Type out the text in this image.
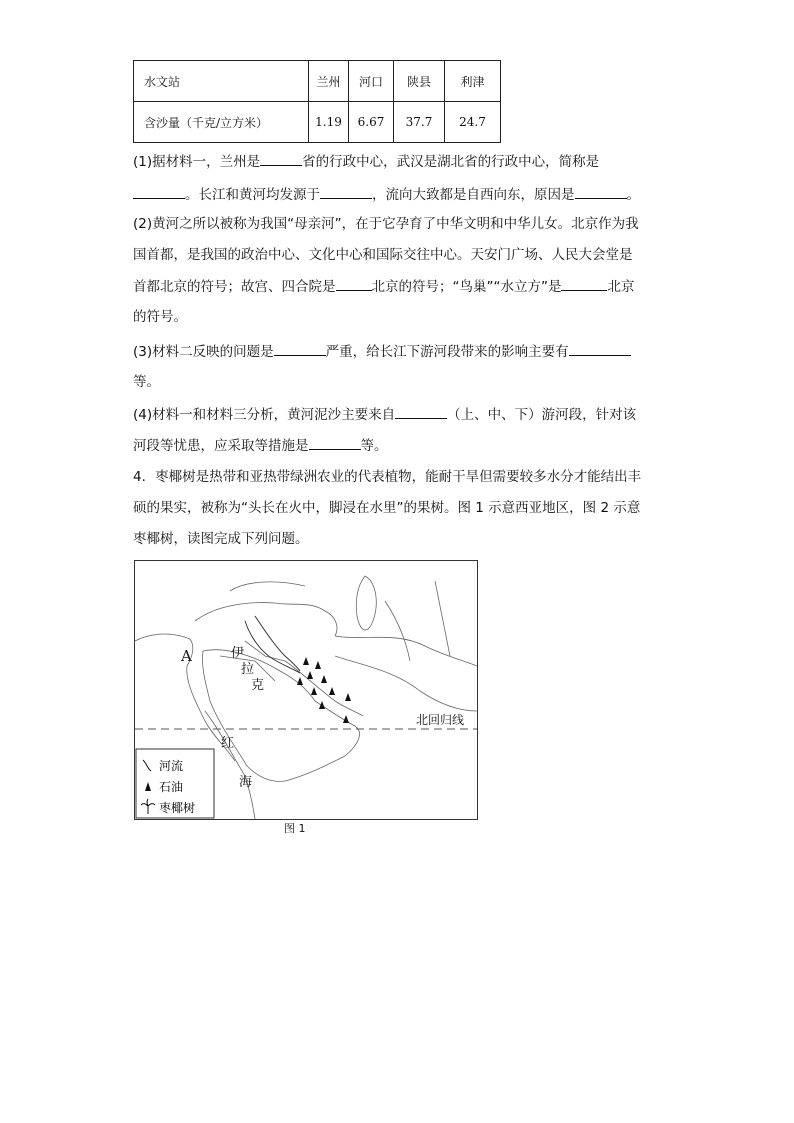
水文站	兰州	河口	陕县	利津
含沙量（千克/立方米）	1.19	6.67	37.7	24.7
(1)据材料一，兰州是	省的行政中心，武汉是湖北省的行政中心，简称是
。长江和黄河均发源于	，流向大致都是自西向东，原因是	。
(2)黄河之所以被称为我国“母亲河”，在于它孕育了中华文明和中华儿女。北京作为我
国首都，是我国的政治中心、文化中心和国际交往中心。天安门广场、人民大会堂是
首都北京的符号；故宫、四合院是	北京的符号；“鸟巢”“水立方”是	北京
的符号。
(3)材料二反映的问题是	严重，给长江下游河段带来的影响主要有
等。
(4)材料一和材料三分析，黄河泥沙主要来自	（上、中、下）游河段，针对该
河段等忧患，应采取等措施是	等。
4．枣椰树是热带和亚热带绿洲农业的代表植物，能耐干旱但需要较多水分才能结出丰
硕的果实，被称为“头长在火中，脚浸在水里”的果树。图 1 示意西亚地区，图 2 示意
枣椰树，读图完成下列问题。
A	伊
拉
克
北回归线
红
海
河流
石油
枣椰树
图 1
